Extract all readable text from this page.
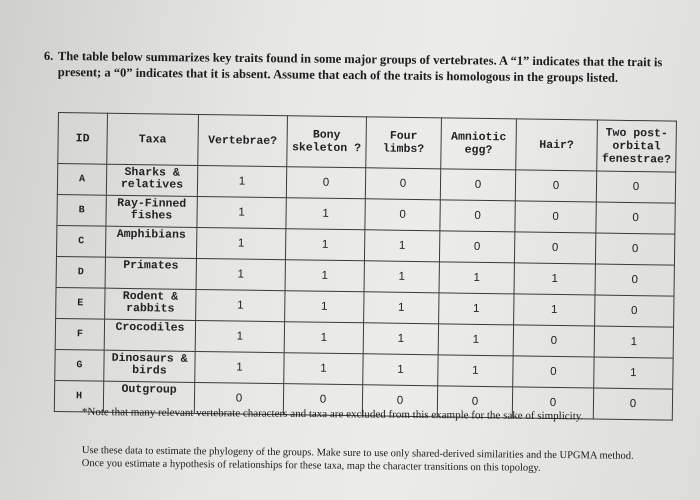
6. The table below summarizes key traits found in some major groups of vertebrates. A “1” indicates that the trait is present; a “0” indicates that it is absent. Assume that each of the traits is homologous in the groups listed.
ID	Taxa	Vertebrae?	Bony skeleton ?	Four limbs?	Amniotic egg?	Hair?	Two post-orbital fenestrae?
A	Sharks & relatives	1	0	0	0	0	0
B	Ray-Finned fishes	1	1	0	0	0	0
C	Amphibians	1	1	1	0	0	0
D	Primates	1	1	1	1	1	0
E	Rodent & rabbits	1	1	1	1	1	0
F	Crocodiles	1	1	1	1	0	1
G	Dinosaurs & birds	1	1	1	1	0	1
H	Outgroup	0	0	0	0	0	0
*Note that many relevant vertebrate characters and taxa are excluded from this example for the sake of simplicity.
Use these data to estimate the phylogeny of the groups. Make sure to use only shared-derived similarities and the UPGMA method. Once you estimate a hypothesis of relationships for these taxa, map the character transitions on this topology.
